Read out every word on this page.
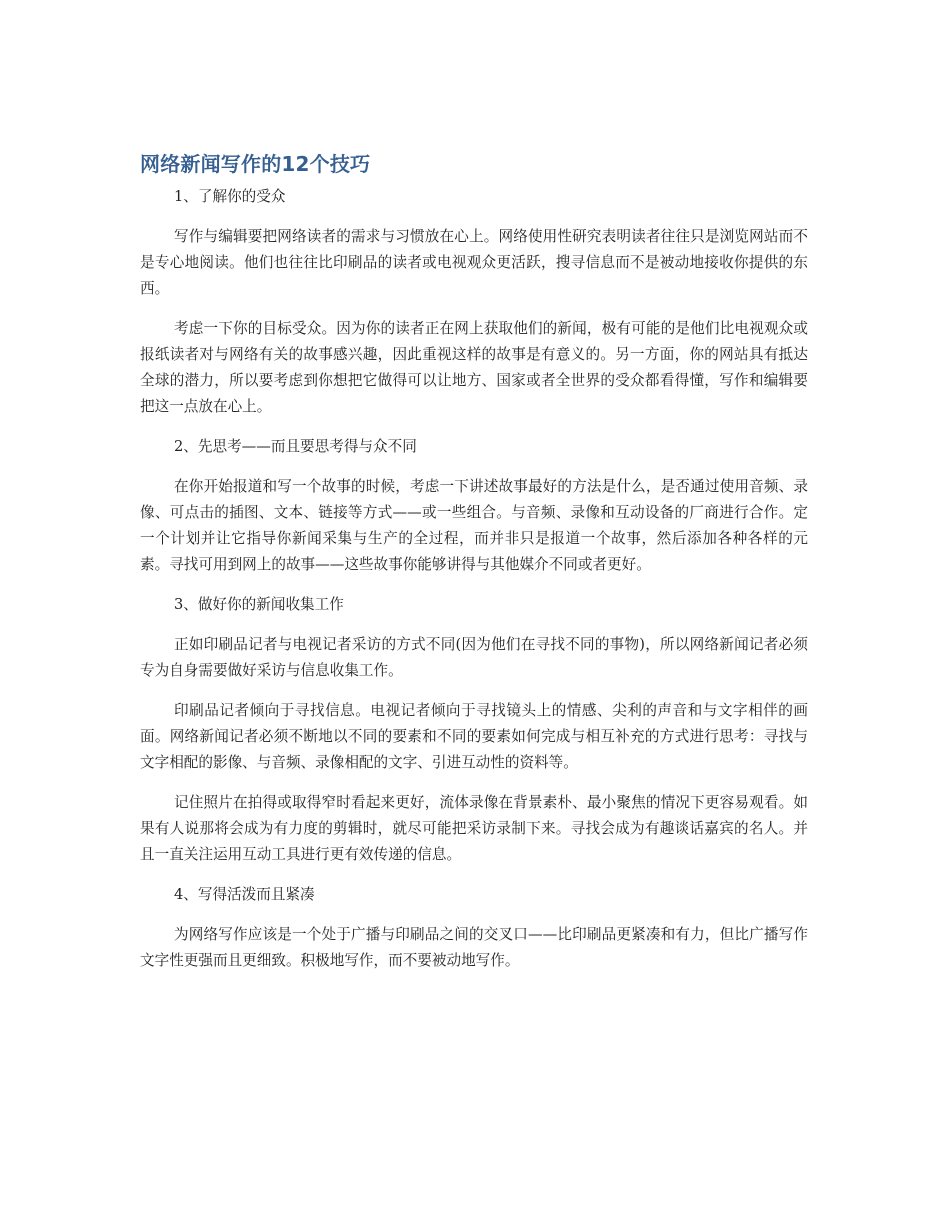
网络新闻写作的12个技巧

1、了解你的受众

写作与编辑要把网络读者的需求与习惯放在心上。网络使用性研究表明读者往往只是浏览网站而不是专心地阅读。他们也往往比印刷品的读者或电视观众更活跃，搜寻信息而不是被动地接收你提供的东西。

考虑一下你的目标受众。因为你的读者正在网上获取他们的新闻，极有可能的是他们比电视观众或报纸读者对与网络有关的故事感兴趣，因此重视这样的故事是有意义的。另一方面，你的网站具有抵达全球的潜力，所以要考虑到你想把它做得可以让地方、国家或者全世界的受众都看得懂，写作和编辑要把这一点放在心上。

2、先思考——而且要思考得与众不同

在你开始报道和写一个故事的时候，考虑一下讲述故事最好的方法是什么，是否通过使用音频、录像、可点击的插图、文本、链接等方式——或一些组合。与音频、录像和互动设备的厂商进行合作。定一个计划并让它指导你新闻采集与生产的全过程，而并非只是报道一个故事，然后添加各种各样的元素。寻找可用到网上的故事——这些故事你能够讲得与其他媒介不同或者更好。

3、做好你的新闻收集工作

正如印刷品记者与电视记者采访的方式不同(因为他们在寻找不同的事物)，所以网络新闻记者必须专为自身需要做好采访与信息收集工作。

印刷品记者倾向于寻找信息。电视记者倾向于寻找镜头上的情感、尖利的声音和与文字相伴的画面。网络新闻记者必须不断地以不同的要素和不同的要素如何完成与相互补充的方式进行思考：寻找与文字相配的影像、与音频、录像相配的文字、引进互动性的资料等。

记住照片在拍得或取得窄时看起来更好，流体录像在背景素朴、最小聚焦的情况下更容易观看。如果有人说那将会成为有力度的剪辑时，就尽可能把采访录制下来。寻找会成为有趣谈话嘉宾的名人。并且一直关注运用互动工具进行更有效传递的信息。

4、写得活泼而且紧凑

为网络写作应该是一个处于广播与印刷品之间的交叉口——比印刷品更紧凑和有力，但比广播写作文字性更强而且更细致。积极地写作，而不要被动地写作。
